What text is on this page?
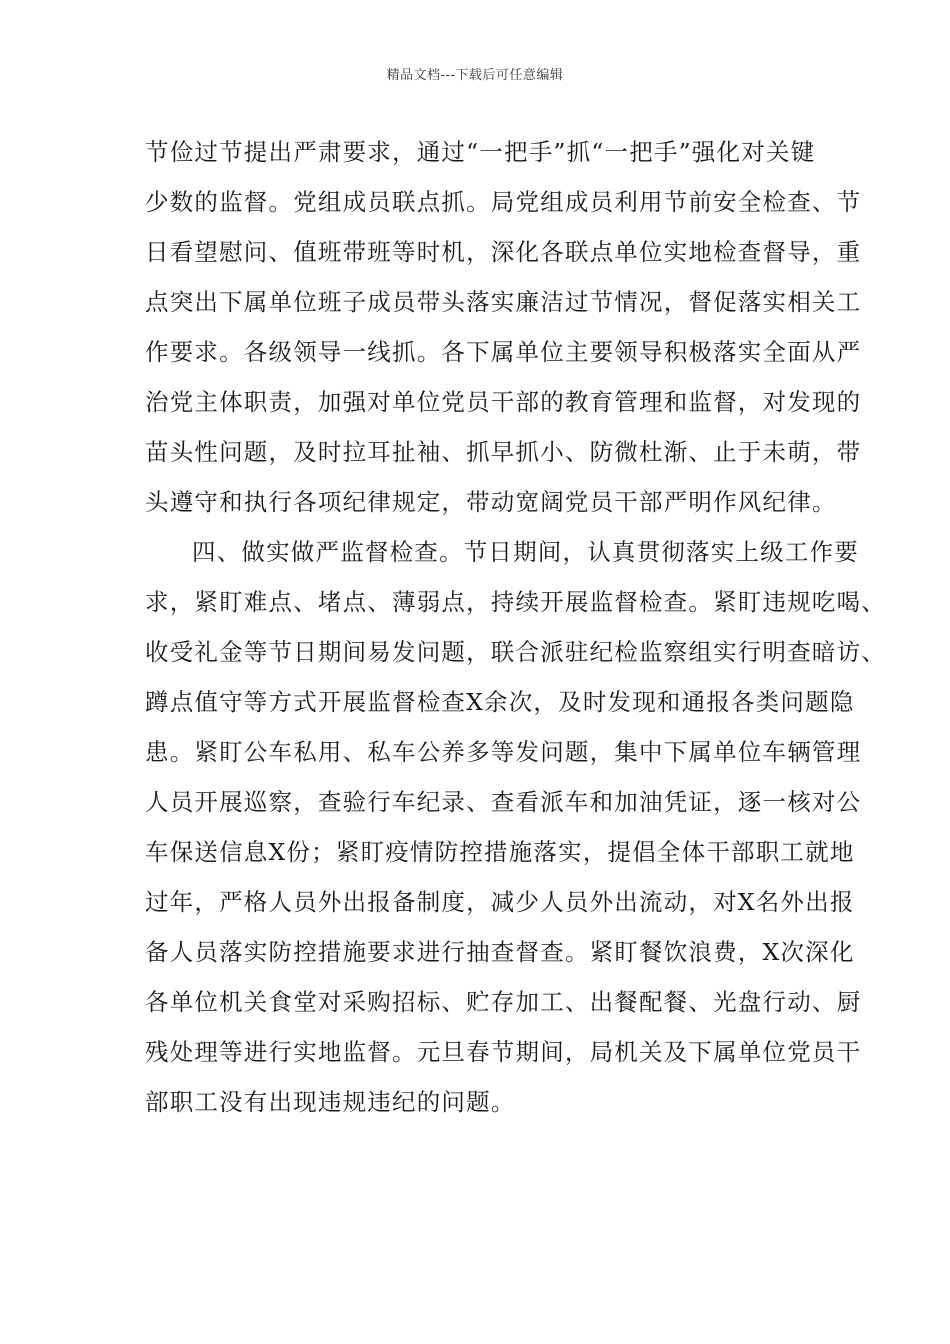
精品文档---下载后可任意编辑
节俭过节提出严肃要求，通过“一把手”抓“一把手”强化对关键
少数的监督。党组成员联点抓。局党组成员利用节前安全检查、节
日看望慰问、值班带班等时机，深化各联点单位实地检查督导，重
点突出下属单位班子成员带头落实廉洁过节情况，督促落实相关工
作要求。各级领导一线抓。各下属单位主要领导积极落实全面从严
治党主体职责，加强对单位党员干部的教育管理和监督，对发现的
苗头性问题，及时拉耳扯袖、抓早抓小、防微杜渐、止于未萌，带
头遵守和执行各项纪律规定，带动宽阔党员干部严明作风纪律。
四、做实做严监督检查。节日期间，认真贯彻落实上级工作要
求，紧盯难点、堵点、薄弱点，持续开展监督检查。紧盯违规吃喝、
收受礼金等节日期间易发问题，联合派驻纪检监察组实行明查暗访、
蹲点值守等方式开展监督检查X余次，及时发现和通报各类问题隐
患。紧盯公车私用、私车公养多等发问题，集中下属单位车辆管理
人员开展巡察，查验行车纪录、查看派车和加油凭证，逐一核对公
车保送信息X份；紧盯疫情防控措施落实，提倡全体干部职工就地
过年，严格人员外出报备制度，减少人员外出流动，对X名外出报
备人员落实防控措施要求进行抽查督查。紧盯餐饮浪费，X次深化
各单位机关食堂对采购招标、贮存加工、出餐配餐、光盘行动、厨
残处理等进行实地监督。元旦春节期间，局机关及下属单位党员干
部职工没有出现违规违纪的问题。
